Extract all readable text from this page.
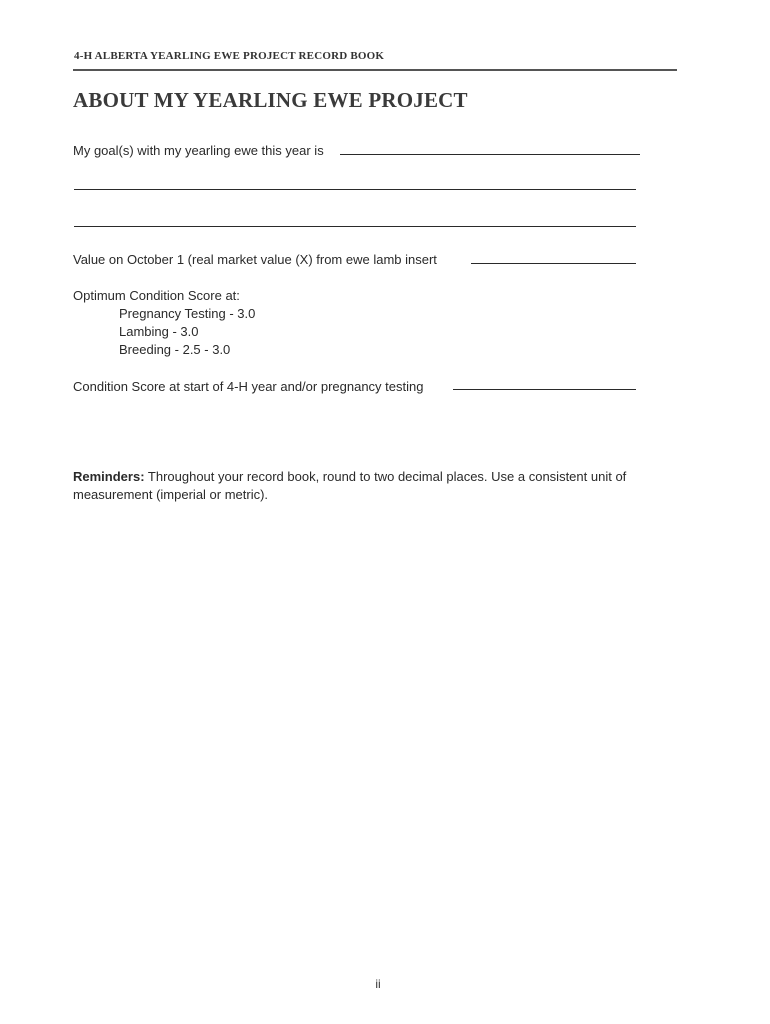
4-H ALBERTA YEARLING EWE PROJECT RECORD BOOK
ABOUT MY YEARLING EWE PROJECT
My goal(s) with my yearling ewe this year is
Value on October 1 (real market value (X) from ewe lamb insert
Optimum Condition Score at:
Pregnancy Testing - 3.0
Lambing - 3.0
Breeding - 2.5 - 3.0
Condition Score at start of 4-H year and/or pregnancy testing
Reminders: Throughout your record book, round to two decimal places. Use a consistent unit of measurement (imperial or metric).
ii
